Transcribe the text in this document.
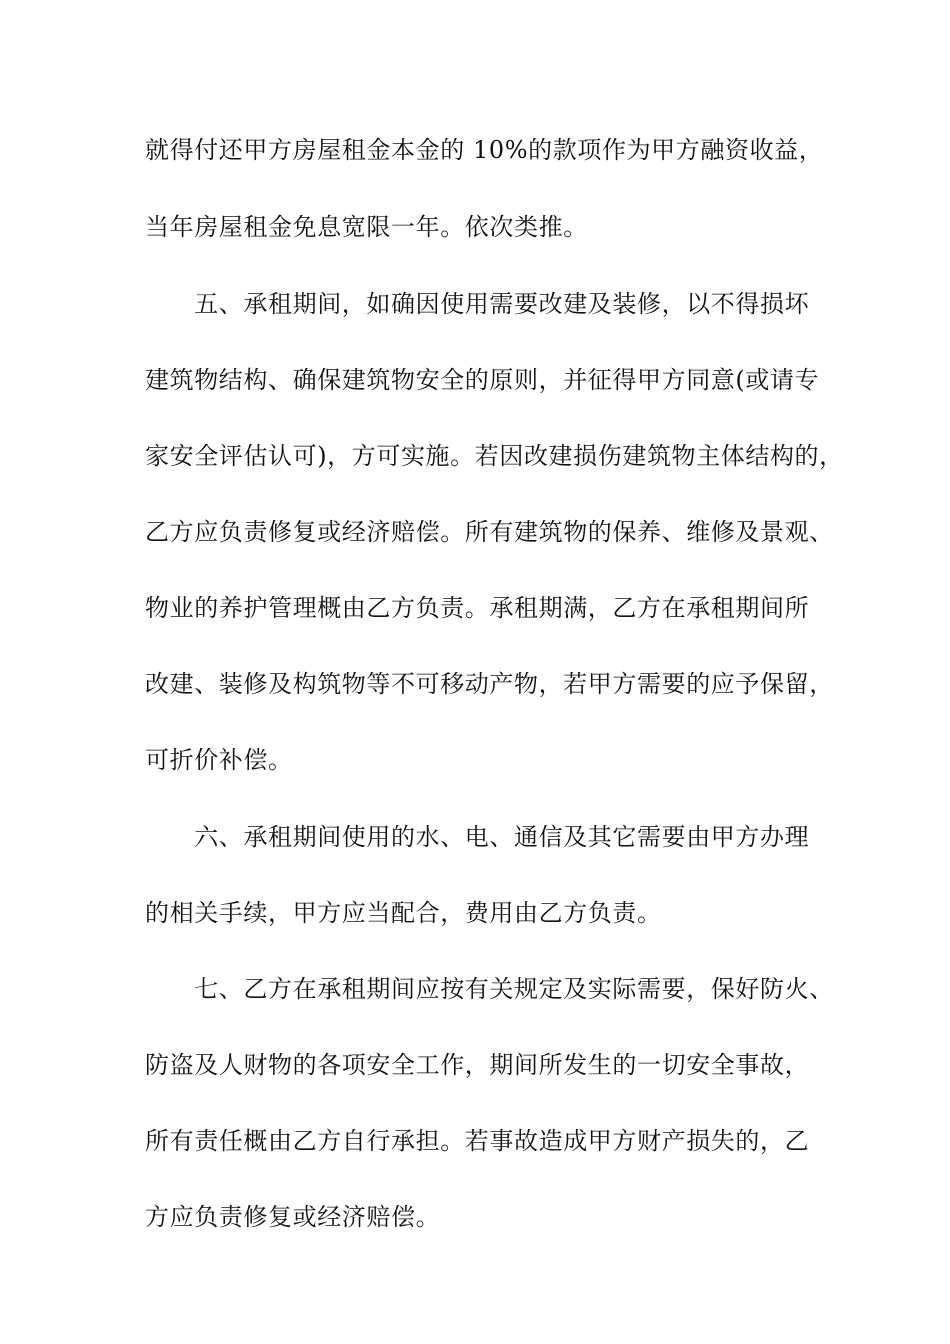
就得付还甲方房屋租金本金的 10%的款项作为甲方融资收益，
当年房屋租金免息宽限一年。依次类推。
　　五、承租期间，如确因使用需要改建及装修，以不得损坏
建筑物结构、确保建筑物安全的原则，并征得甲方同意(或请专
家安全评估认可)，方可实施。若因改建损伤建筑物主体结构的，
乙方应负责修复或经济赔偿。所有建筑物的保养、维修及景观、
物业的养护管理概由乙方负责。承租期满，乙方在承租期间所
改建、装修及构筑物等不可移动产物，若甲方需要的应予保留，
可折价补偿。
　　六、承租期间使用的水、电、通信及其它需要由甲方办理
的相关手续，甲方应当配合，费用由乙方负责。
　　七、乙方在承租期间应按有关规定及实际需要，保好防火、
防盗及人财物的各项安全工作，期间所发生的一切安全事故，
所有责任概由乙方自行承担。若事故造成甲方财产损失的，乙
方应负责修复或经济赔偿。
